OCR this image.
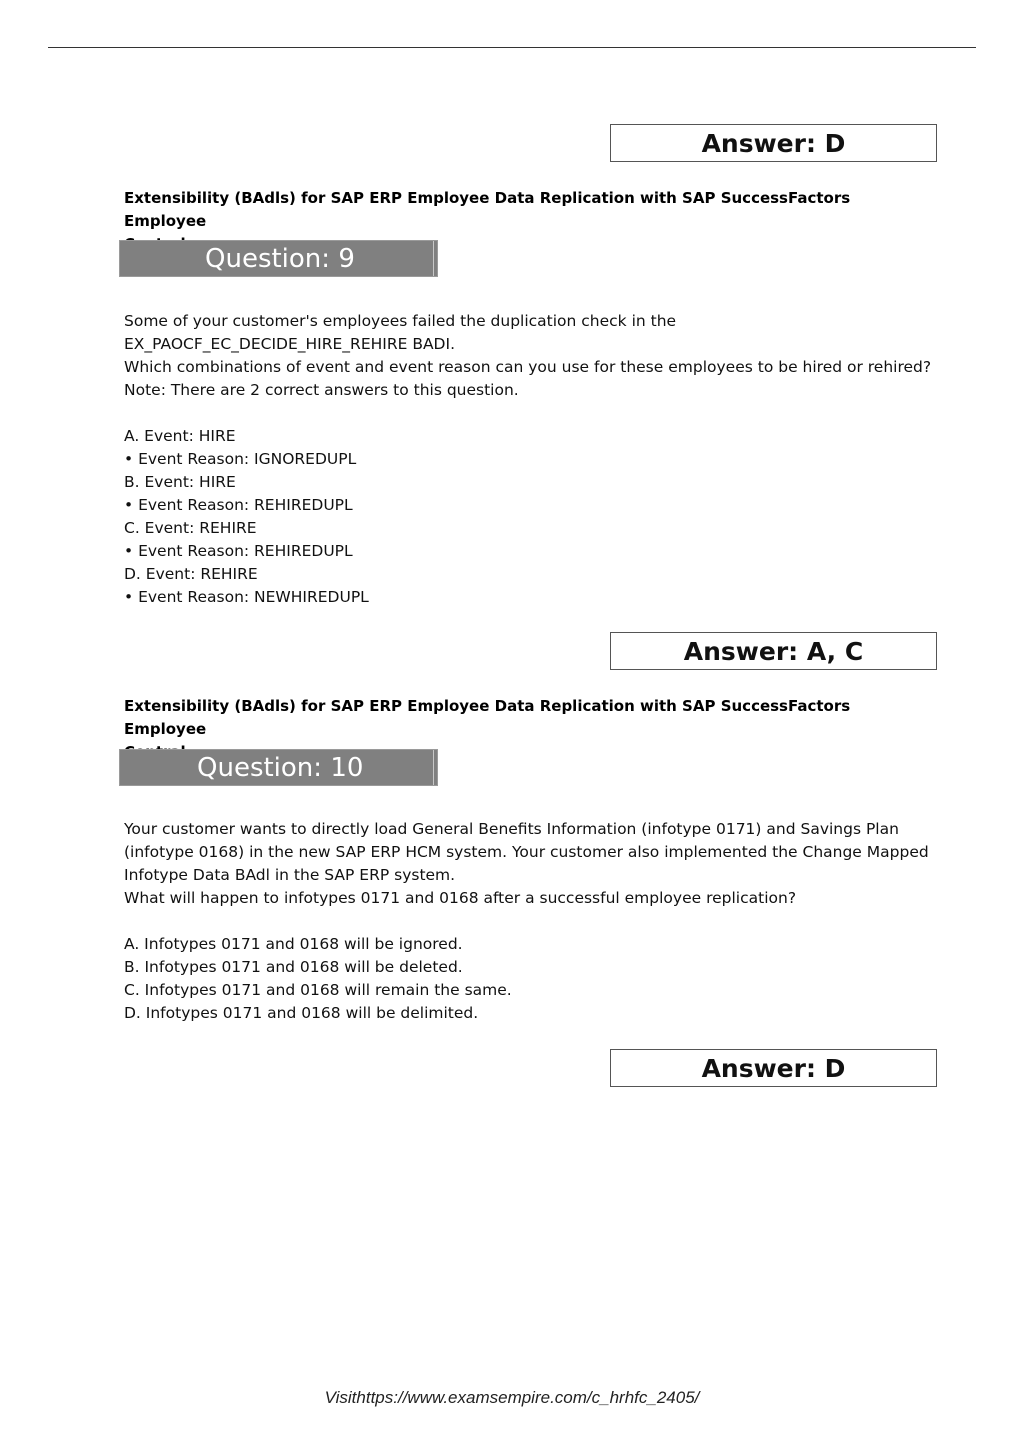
Answer: D
Extensibility (BAdls) for SAP ERP Employee Data Replication with SAP SuccessFactors Employee
Question: 9
Some of your customer's employees failed the duplication check in the
EX_PAOCF_EC_DECIDE_HIRE_REHIRE BADI.
Which combinations of event and event reason can you use for these employees to be hired or rehired?
Note: There are 2 correct answers to this question.
A. Event: HIRE
• Event Reason: IGNOREDUPL
B. Event: HIRE
• Event Reason: REHIREDUPL
C. Event: REHIRE
• Event Reason: REHIREDUPL
D. Event: REHIRE
• Event Reason: NEWHIREDUPL
Answer: A, C
Extensibility (BAdls) for SAP ERP Employee Data Replication with SAP SuccessFactors Employee
Question: 10
Your customer wants to directly load General Benefits Information (infotype 0171) and Savings Plan
(infotype 0168) in the new SAP ERP HCM system. Your customer also implemented the Change Mapped
Infotype Data BAdl in the SAP ERP system.
What will happen to infotypes 0171 and 0168 after a successful employee replication?
A. Infotypes 0171 and 0168 will be ignored.
B. Infotypes 0171 and 0168 will be deleted.
C. Infotypes 0171 and 0168 will remain the same.
D. Infotypes 0171 and 0168 will be delimited.
Answer: D
Visithttps://www.examsempire.com/c_hrhfc_2405/
